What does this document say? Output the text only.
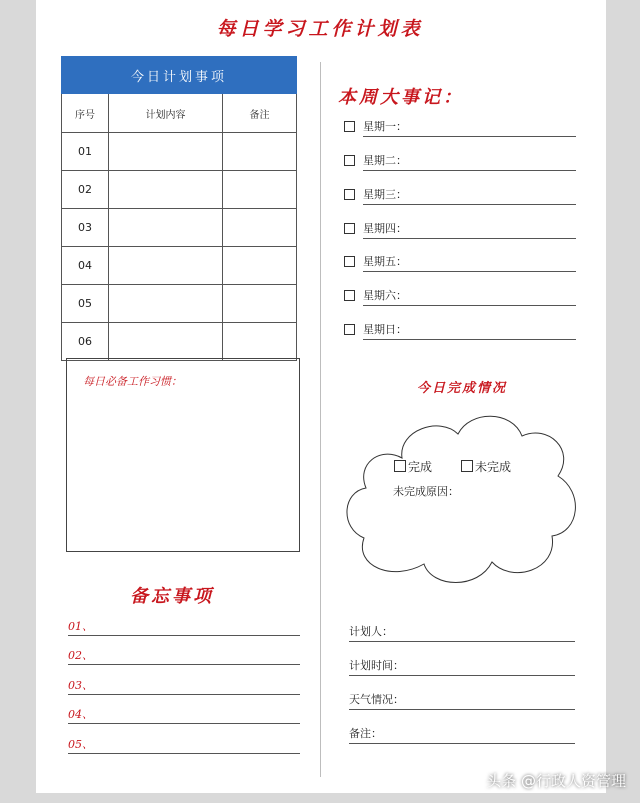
每日学习工作计划表
今日计划事项		
序号	计划内容	备注
01		
02		
03		
04		
05		
06		
每日必备工作习惯：
备忘事项
01、
02、
03、
04、
05、
本周大事记：
星期一：
星期二：
星期三：
星期四：
星期五：
星期六：
星期日：
今日完成情况
完成	未完成
未完成原因：
计划人：
计划时间：
天气情况：
备注：
头条 @行政人资管理
